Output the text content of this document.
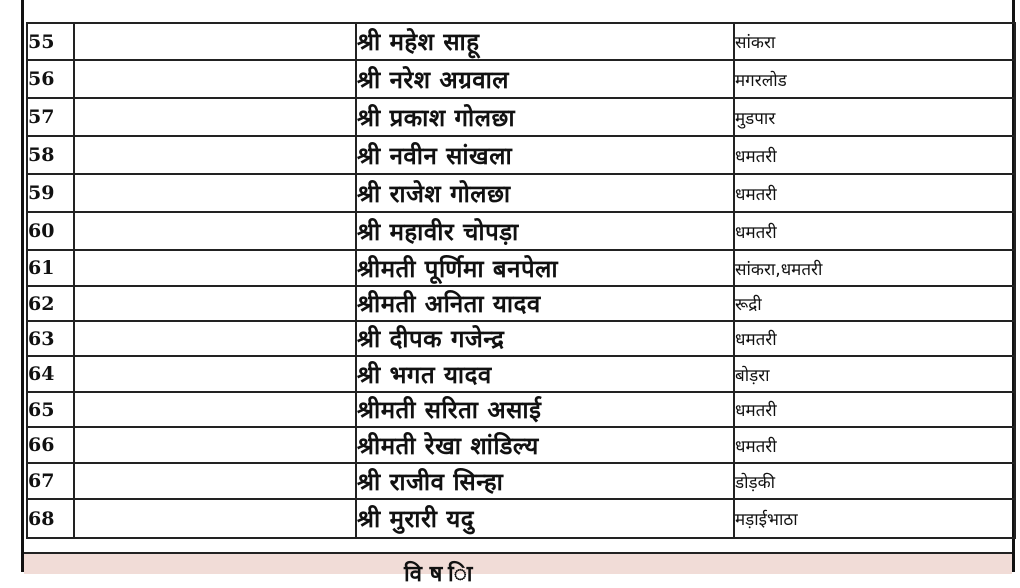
55		श्री महेश साहू	सांकरा
56		श्री नरेश अग्रवाल	मगरलोड
57		श्री प्रकाश गोलछा	मुडपार
58		श्री नवीन सांखला	धमतरी
59		श्री राजेश गोलछा	धमतरी
60		श्री महावीर चोपड़ा	धमतरी
61		श्रीमती पूर्णिमा बनपेला	सांकरा,धमतरी
62		श्रीमती अनिता यादव	रूद्री
63		श्री दीपक गजेन्द्र	धमतरी
64		श्री भगत यादव	बोड़रा
65		श्रीमती सरिता असाई	धमतरी
66		श्रीमती रेखा शांडिल्य	धमतरी
67		श्री राजीव सिन्हा	डोड़की
68		श्री मुरारी यदु	मड़ाईभाठा
वि ष ाि
